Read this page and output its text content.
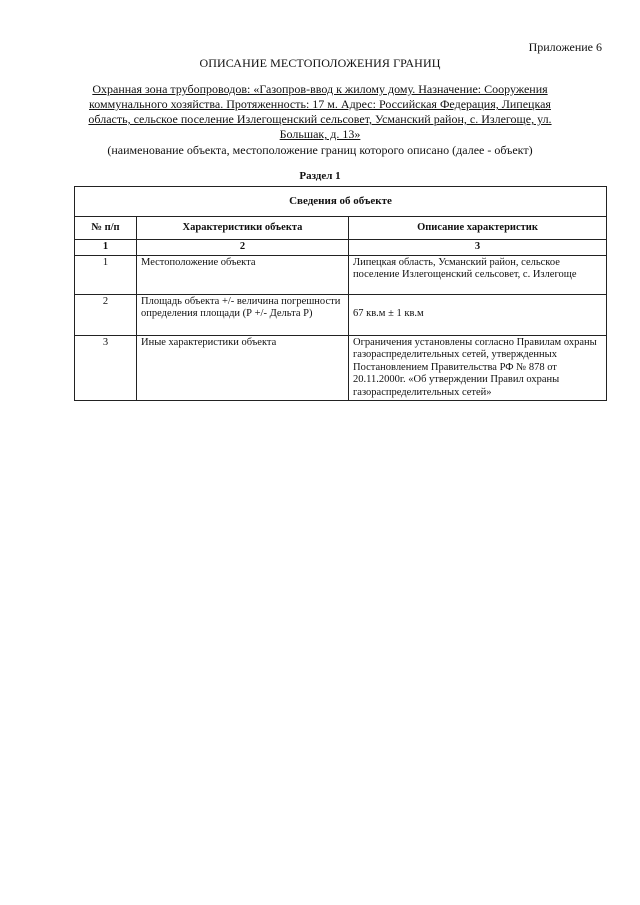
Приложение 6
ОПИСАНИЕ МЕСТОПОЛОЖЕНИЯ ГРАНИЦ
Охранная зона трубопроводов: «Газопров-ввод к жилому дому. Назначение: Сооружения коммунального хозяйства. Протяженность: 17 м. Адрес: Российская Федерация, Липецкая область, сельское поселение Излегощенский сельсовет, Усманский район, с. Излегоще, ул. Большак, д. 13»
(наименование объекта, местоположение границ которого описано (далее - объект)
Раздел 1
Сведения об объекте		
№ п/п	Характеристики объекта	Описание характеристик
1	2	3
1	Местоположение объекта	Липецкая область, Усманский район, сельское поселение Излегощенский сельсовет, с. Излегоще
2	Площадь объекта +/- величина погрешности определения площади (Р +/- Дельта Р)	67 кв.м ± 1 кв.м
3	Иные характеристики объекта	Ограничения установлены согласно Правилам охраны газораспределительных сетей, утвержденных Постановлением Правительства РФ № 878 от 20.11.2000г. «Об утверждении Правил охраны газораспределительных сетей»
